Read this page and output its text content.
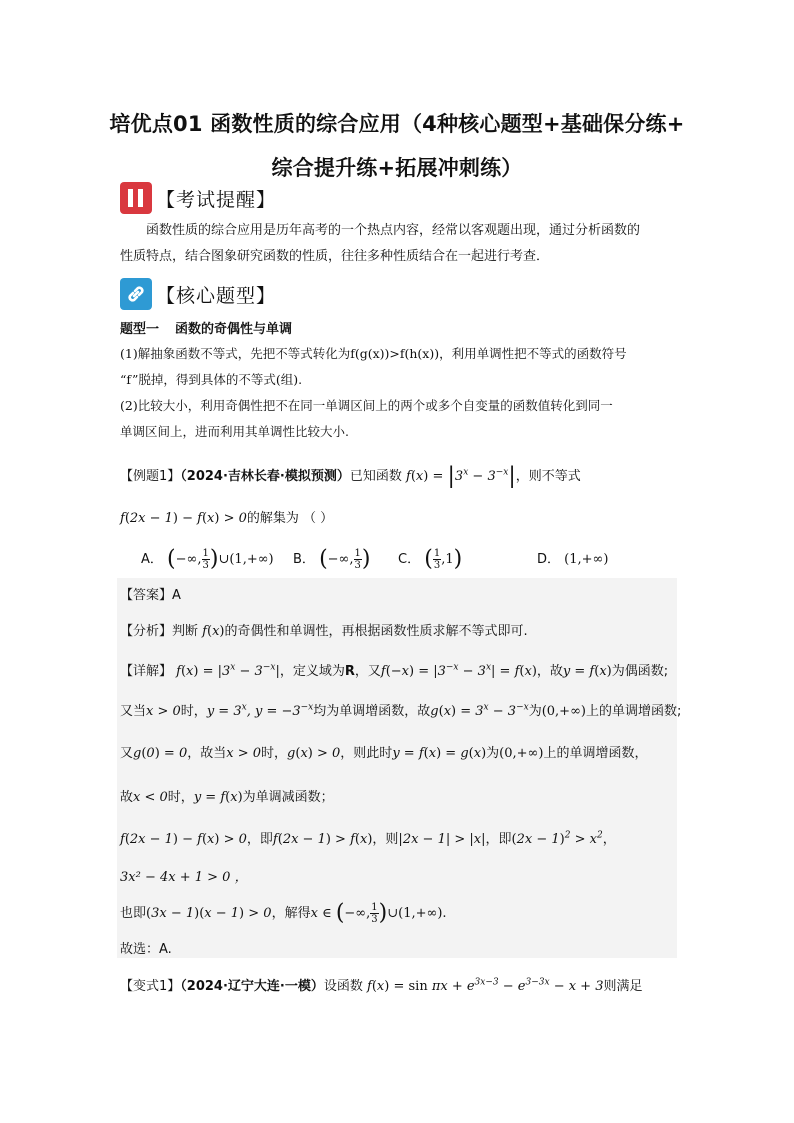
培优点01 函数性质的综合应用（4种核心题型+基础保分练+
综合提升练+拓展冲刺练）
【考试提醒】
函数性质的综合应用是历年高考的一个热点内容，经常以客观题出现，通过分析函数的
性质特点，结合图象研究函数的性质，往往多种性质结合在一起进行考查．
【核心题型】
题型一 函数的奇偶性与单调
(1)解抽象函数不等式，先把不等式转化为f(g(x))>f(h(x))，利用单调性把不等式的函数符号
“f”脱掉，得到具体的不等式(组).
(2)比较大小，利用奇偶性把不在同一单调区间上的两个或多个自变量的函数值转化到同一
单调区间上，进而利用其单调性比较大小.
【例题1】（2024·吉林长春·模拟预测）已知函数 $f(x) = |3^x - 3^{-x}|$，则不等式
f(2x − 1) − f(x) > 0的解集为 （ ）
A． (−∞, $\frac{1}{3}$ )∪(1,+∞) B． (−∞, $\frac{1}{3}$ ) C． ( $\frac{1}{3} ,1$)	D． (1,+∞)
【答案】A
【分析】判断 f(x)的奇偶性和单调性，再根据函数性质求解不等式即可.
【详解】 $f(x) = |3^x - 3^{-x}|$，定义域为R，又$f(-x) = |3^{-x} - 3^x| = f(x)$，故y = f(x)为偶函数;
又当x > 0时，$y = 3^x$, $y = -3^{-x}$均为单调增函数，故$g(x) = 3^x - 3^{-x}$为(0,+∞)上的单调增函数;
又g(0) = 0，故当x > 0时，g(x) > 0，则此时y = f(x) = g(x)为(0,+∞)上的单调增函数，
故x < 0时，y = f(x)为单调减函数；
f(2x − 1) − f(x) > 0，即f(2x − 1) > f(x)，则|2x − 1| > |x|，即$(2x - 1)^2 > x^2$，
3x² − 4x + 1 > 0 ，
也即(3x − 1)(x − 1) > 0，解得x ∈ (−∞, $\frac{1}{3}$ )∪(1,+∞).
故选：A.
【变式1】（2024·辽宁大连·一模）设函数 $f(x) = \sin \pi x + e^{3x-3} - e^{3-3x} - x + 3$则满足
